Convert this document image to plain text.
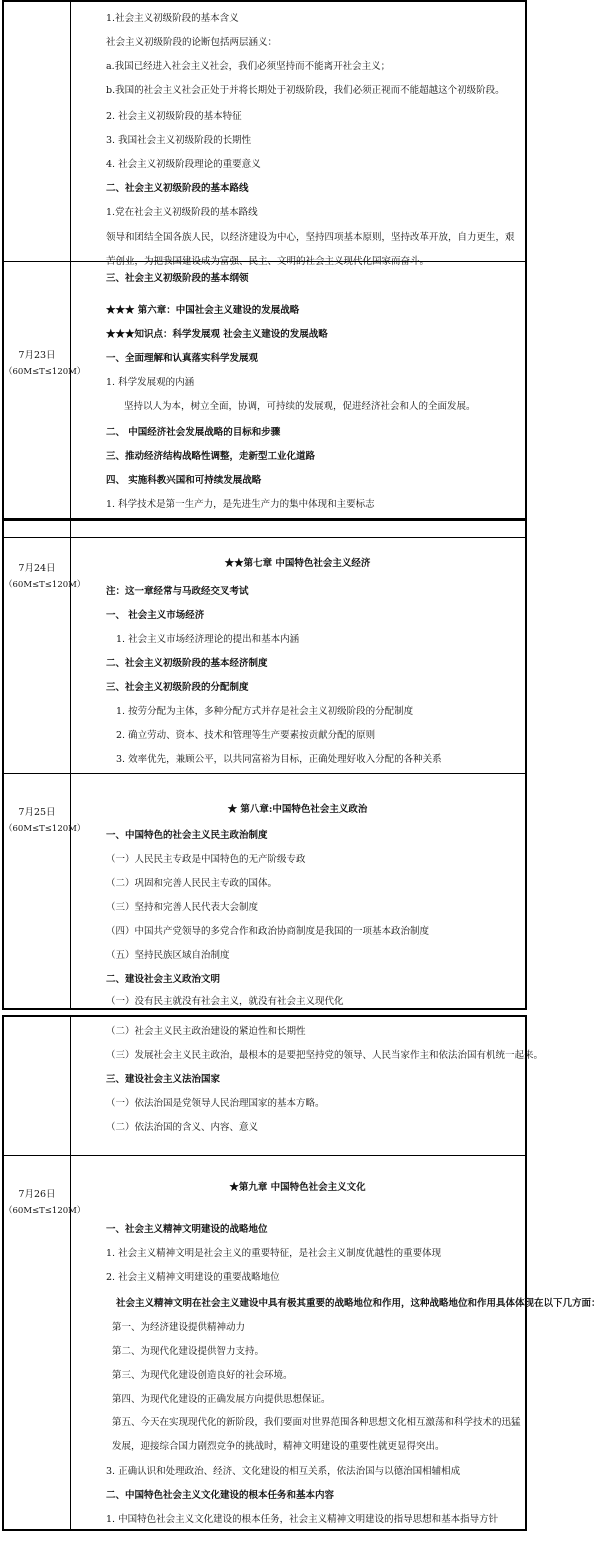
1.社会主义初级阶段的基本含义
社会主义初级阶段的论断包括两层涵义：
a.我国已经进入社会主义社会，我们必须坚持而不能离开社会主义；
b.我国的社会主义社会正处于并将长期处于初级阶段，我们必须正视而不能超越这个初级阶段。
2. 社会主义初级阶段的基本特征
3. 我国社会主义初级阶段的长期性
4. 社会主义初级阶段理论的重要意义
二、社会主义初级阶段的基本路线
1.党在社会主义初级阶段的基本路线
领导和团结全国各族人民，以经济建设为中心，坚持四项基本原则，坚持改革开放，自力更生，艰苦创业，为把我国建设成为富强、民主、文明的社会主义现代化国家而奋斗。
三、社会主义初级阶段的基本纲领
7月23日
（60M≤T≤120M）
★★★ 第六章：中国社会主义建设的发展战略
★★★知识点：科学发展观 社会主义建设的发展战略
一、全面理解和认真落实科学发展观
1. 科学发展观的内涵
坚持以人为本，树立全面，协调，可持续的发展观，促进经济社会和人的全面发展。
二、 中国经济社会发展战略的目标和步骤
三、推动经济结构战略性调整，走新型工业化道路
四、 实施科教兴国和可持续发展战略
1. 科学技术是第一生产力，是先进生产力的集中体现和主要标志
7月24日
（60M≤T≤120M）
★★第七章 中国特色社会主义经济
注：这一章经常与马政经交叉考试
一、 社会主义市场经济
1. 社会主义市场经济理论的提出和基本内涵
二、社会主义初级阶段的基本经济制度
三、社会主义初级阶段的分配制度
1. 按劳分配为主体，多种分配方式并存是社会主义初级阶段的分配制度
2. 确立劳动、资本、技术和管理等生产要素按贡献分配的原则
3. 效率优先，兼顾公平，以共同富裕为目标，正确处理好收入分配的各种关系
7月25日
（60M≤T≤120M）
★ 第八章:中国特色社会主义政治
一、中国特色的社会主义民主政治制度
（一）人民民主专政是中国特色的无产阶级专政
（二）巩固和完善人民民主专政的国体。
（三）坚持和完善人民代表大会制度
（四）中国共产党领导的多党合作和政治协商制度是我国的一项基本政治制度
（五）坚持民族区域自治制度
二、建设社会主义政治文明
（一）没有民主就没有社会主义，就没有社会主义现代化
（二）社会主义民主政治建设的紧迫性和长期性
（三）发展社会主义民主政治，最根本的是要把坚持党的领导、人民当家作主和依法治国有机统一起来。
三、建设社会主义法治国家
（一）依法治国是党领导人民治理国家的基本方略。
（二）依法治国的含义、内容、意义
7月26日
（60M≤T≤120M）
★第九章 中国特色社会主义文化
一、社会主义精神文明建设的战略地位
1. 社会主义精神文明是社会主义的重要特征，是社会主义制度优越性的重要体现
2. 社会主义精神文明建设的重要战略地位
社会主义精神文明在社会主义建设中具有极其重要的战略地位和作用，这种战略地位和作用具体体现在以下几方面：
第一、为经济建设提供精神动力
第二、为现代化建设提供智力支持。
第三、为现代化建设创造良好的社会环境。
第四、为现代化建设的正确发展方向提供思想保证。
第五、今天在实现现代化的新阶段，我们要面对世界范围各种思想文化相互激荡和科学技术的迅猛发展，迎接综合国力剧烈竞争的挑战时，精神文明建设的重要性就更显得突出。
3. 正确认识和处理政治、经济、文化建设的相互关系，依法治国与以德治国相辅相成
二、中国特色社会主义文化建设的根本任务和基本内容
1. 中国特色社会主义文化建设的根本任务，社会主义精神文明建设的指导思想和基本指导方针
